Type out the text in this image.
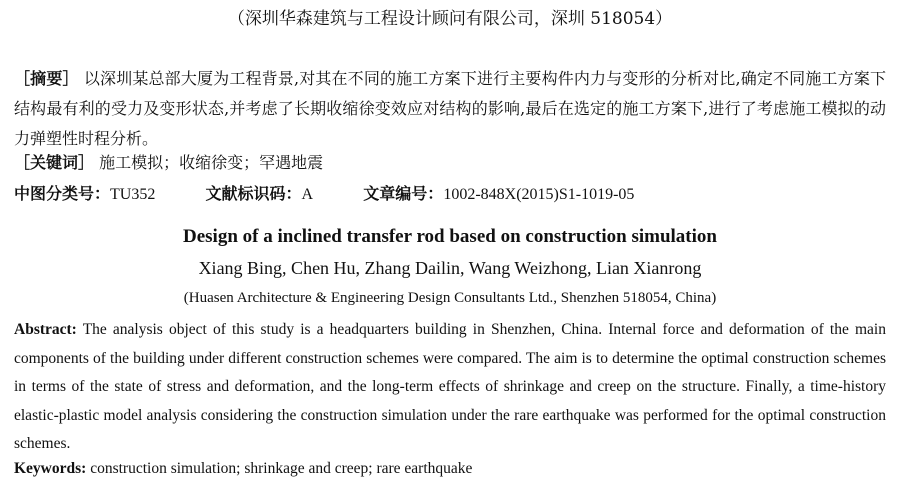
（深圳华森建筑与工程设计顾问有限公司，深圳 518054）
［摘要］ 以深圳某总部大厦为工程背景,对其在不同的施工方案下进行主要构件内力与变形的分析对比,确定不同施工方案下结构最有利的受力及变形状态,并考虑了长期收缩徐变效应对结构的影响,最后在选定的施工方案下,进行了考虑施工模拟的动力弹塑性时程分析。
［关键词］ 施工模拟；收缩徐变；罕遇地震
中图分类号：TU352	文献标识码：A	文章编号：1002-848X(2015)S1-1019-05
Design of a inclined transfer rod based on construction simulation
Xiang Bing, Chen Hu, Zhang Dailin, Wang Weizhong, Lian Xianrong
(Huasen Architecture & Engineering Design Consultants Ltd., Shenzhen 518054, China)
Abstract: The analysis object of this study is a headquarters building in Shenzhen, China. Internal force and deformation of the main components of the building under different construction schemes were compared. The aim is to determine the optimal construction schemes in terms of the state of stress and deformation, and the long-term effects of shrinkage and creep on the structure. Finally, a time-history elastic-plastic model analysis considering the construction simulation under the rare earthquake was performed for the optimal construction schemes.
Keywords: construction simulation; shrinkage and creep; rare earthquake
